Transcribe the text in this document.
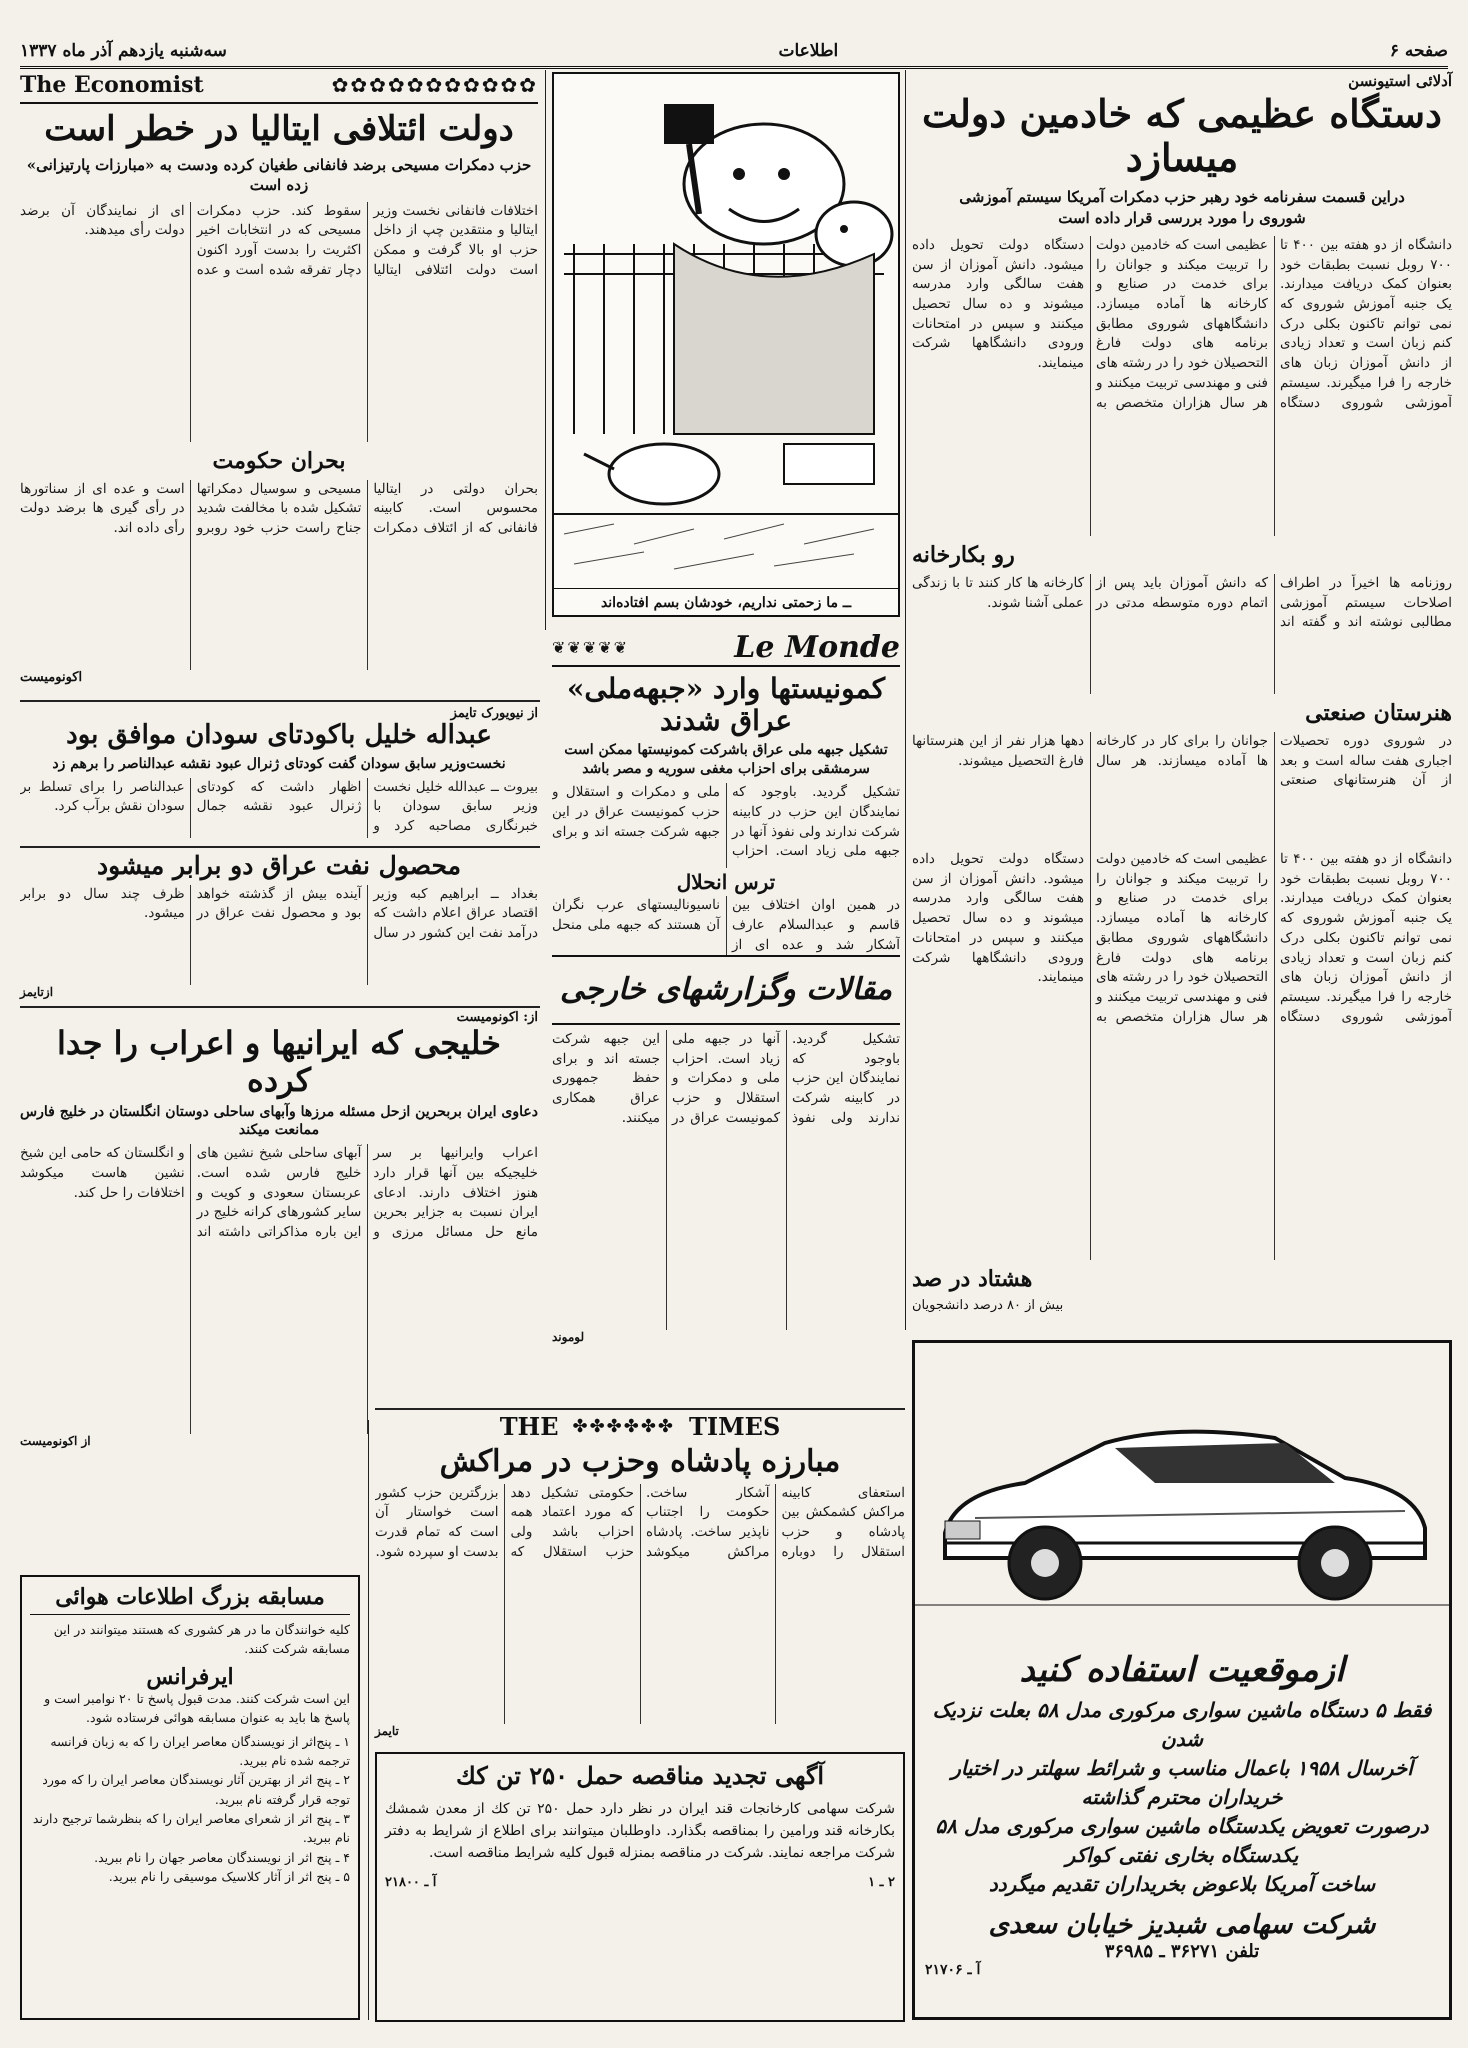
صفحه ۶
اطلاعات
سه‌شنبه یازدهم آذر ماه ۱۳۳۷
آدلائی استیونسن
دستگاه عظیمی که خادمین دولت میسازد
دراین قسمت سفرنامه خود رهبر حزب دمکرات آمریکا سیستم آموزشی شوروی را مورد بررسی قرار داده است
دانشگاه از دو هفته بین ۴۰۰ تا ۷۰۰ روبل نسبت بطبقات خود بعنوان کمک دریافت میدارند. یک جنبه آموزش شوروی که نمی توانم تاکنون بکلی درک کنم زبان است و تعداد زیادی از دانش آموزان زبان های خارجه را فرا میگیرند. سیستم آموزشی شوروی دستگاه عظیمی است که خادمین دولت را تربیت میکند و جوانان را برای خدمت در صنایع و کارخانه ها آماده میسازد. دانشگاههای شوروی مطابق برنامه های دولت فارغ التحصیلان خود را در رشته های فنی و مهندسی تربیت میکنند و هر سال هزاران متخصص به دستگاه دولت تحویل داده میشود. دانش آموزان از سن هفت سالگی وارد مدرسه میشوند و ده سال تحصیل میکنند و سپس در امتحانات ورودی دانشگاهها شرکت مینمایند.
رو بکارخانه
روزنامه ها اخیراً در اطراف اصلاحات سیستم آموزشی مطالبی نوشته اند و گفته اند که دانش آموزان باید پس از اتمام دوره متوسطه مدتی در کارخانه ها کار کنند تا با زندگی عملی آشنا شوند.
هنرستان صنعتی
در شوروی دوره تحصیلات اجباری هفت ساله است و بعد از آن هنرستانهای صنعتی جوانان را برای کار در کارخانه ها آماده میسازند. هر سال دهها هزار نفر از این هنرستانها فارغ التحصیل میشوند.
ــ ما زحمتی نداریم، خودشان بسم افتاده‌اند
✿✿✿✿✿✿✿✿✿✿✿
The Economist
دولت ائتلافی ایتالیا در خطر است
حزب دمکرات مسیحی برضد فانفانی طغیان کرده ودست به «مبارزات پارتیزانی» زده است
اختلافات فانفانی نخست وزیر ایتالیا و منتقدین چپ از داخل حزب او بالا گرفت و ممکن است دولت ائتلافی ایتالیا سقوط کند. حزب دمکرات مسیحی که در انتخابات اخیر اکثریت را بدست آورد اکنون دچار تفرقه شده است و عده ای از نمایندگان آن برضد دولت رأی میدهند.
بحران حکومت
بحران دولتی در ایتالیا محسوس است. کابینه فانفانی که از ائتلاف دمکرات مسیحی و سوسیال دمکراتها تشکیل شده با مخالفت شدید جناح راست حزب خود روبرو است و عده ای از سناتورها در رأی گیری ها برضد دولت رأی داده اند.
اکونومیست
از نیویورک تایمز
عبداله خلیل باکودتای سودان موافق بود
نخست‌وزیر سابق سودان گفت کودتای ژنرال عبود نقشه عبدالناصر را برهم زد
بیروت ــ عبدالله خلیل نخست وزیر سابق سودان با خبرنگاری مصاحبه کرد و اظهار داشت که کودتای ژنرال عبود نقشه جمال عبدالناصر را برای تسلط بر سودان نقش برآب کرد.
محصول نفت عراق دو برابر میشود
بغداد ــ ابراهیم کبه وزیر اقتصاد عراق اعلام داشت که درآمد نفت این کشور در سال آینده بیش از گذشته خواهد بود و محصول نفت عراق در ظرف چند سال دو برابر میشود.
ازتایمز
از: اکونومیست
خلیجی که ایرانیها و اعراب را جدا کرده
دعاوی ایران بربحرین ازحل مسئله مرزها وآبهای ساحلی دوستان انگلستان در خلیج فارس ممانعت میکند
اعراب وایرانیها بر سر خلیجیکه بین آنها قرار دارد هنوز اختلاف دارند. ادعای ایران نسبت به جزایر بحرین مانع حل مسائل مرزی و آبهای ساحلی شیخ نشین های خلیج فارس شده است. عربستان سعودی و کویت و سایر کشورهای کرانه خلیج در این باره مذاکراتی داشته اند و انگلستان که حامی این شیخ نشین هاست میکوشد اختلافات را حل کند.
از اکونومیست
Le Monde
❦❦❦❦❦
کمونیستها وارد «جبهه‌ملی» عراق شدند
تشکیل جبهه ملی عراق باشرکت کمونیستها ممکن است سرمشقی برای احزاب مغفی سوریه و مصر باشد
تشکیل گردید. باوجود که نمایندگان این حزب در کابینه شرکت ندارند ولی نفوذ آنها در جبهه ملی زیاد است. احزاب ملی و دمکرات و استقلال و حزب کمونیست عراق در این جبهه شرکت جسته اند و برای
ترس انحلال
در همین اوان اختلاف بین قاسم و عبدالسلام عارف آشکار شد و عده ای از ناسیونالیستهای عرب نگران آن هستند که جبهه ملی منحل
مقالات وگزارشهای خارجی
تشکیل گردید. باوجود که نمایندگان این حزب در کابینه شرکت ندارند ولی نفوذ آنها در جبهه ملی زیاد است. احزاب ملی و دمکرات و استقلال و حزب کمونیست عراق در این جبهه شرکت جسته اند و برای حفظ جمهوری عراق همکاری میکنند.
لوموند
دانشگاه از دو هفته بین ۴۰۰ تا ۷۰۰ روبل نسبت بطبقات خود بعنوان کمک دریافت میدارند. یک جنبه آموزش شوروی که نمی توانم تاکنون بکلی درک کنم زبان است و تعداد زیادی از دانش آموزان زبان های خارجه را فرا میگیرند. سیستم آموزشی شوروی دستگاه عظیمی است که خادمین دولت را تربیت میکند و جوانان را برای خدمت در صنایع و کارخانه ها آماده میسازد. دانشگاههای شوروی مطابق برنامه های دولت فارغ التحصیلان خود را در رشته های فنی و مهندسی تربیت میکنند و هر سال هزاران متخصص به دستگاه دولت تحویل داده میشود. دانش آموزان از سن هفت سالگی وارد مدرسه میشوند و ده سال تحصیل میکنند و سپس در امتحانات ورودی دانشگاهها شرکت مینمایند.
هشتاد در صد
بیش از ۸۰ درصد دانشجویان
THE ✤✤✤✤✤✤ TIMES
مبارزه پادشاه وحزب در مراکش
استعفای کابینه مراکش کشمکش بین پادشاه و حزب استقلال را دوباره آشکار ساخت. حکومت را اجتناب ناپذیر ساخت. پادشاه مراکش میکوشد حکومتی تشکیل دهد که مورد اعتماد همه احزاب باشد ولی حزب استقلال که بزرگترین حزب کشور است خواستار آن است که تمام قدرت بدست او سپرده شود.
تایمز
آگهی تجدید مناقصه حمل ۲۵۰ تن کك
شرکت سهامی کارخانجات قند ایران در نظر دارد حمل ۲۵۰ تن کك از معدن شمشك بكارخانه قند ورامین را بمناقصه بگذارد. داوطلبان میتوانند برای اطلاع از شرایط به دفتر شرکت مراجعه نمایند. شرکت در مناقصه بمنزله قبول کلیه شرایط مناقصه است.
۲ ـ ۱
آ ـ ۲۱۸۰۰
مسابقه بزرگ اطلاعات هوائی
کلیه خوانندگان ما در هر کشوری که هستند میتوانند در این مسابقه شرکت کنند.
ایرفرانس
این است شرکت کنند. مدت قبول پاسخ تا ۲۰ نوامبر است و پاسخ ها باید به عنوان مسابقه هوائی فرستاده شود.
۱ ـ پنج‌اثر از نویسندگان معاصر ایران را که به زبان فرانسه ترجمه شده نام ببرید.
۲ ـ پنج اثر از بهترین آثار نویسندگان معاصر ایران را که مورد توجه قرار گرفته نام ببرید.
۳ ـ پنج اثر از شعرای معاصر ایران را که بنظرشما ترجیح دارند نام ببرید.
۴ ـ پنج اثر از نویسندگان معاصر جهان را نام ببرید.
۵ ـ پنج اثر از آثار کلاسیک موسیقی را نام ببرید.
ازموقعیت استفاده کنید
فقط ۵ دستگاه ماشین سواری مرکوری مدل ۵۸ بعلت نزدیک شدن
آخرسال ۱۹۵۸ باعمال مناسب و شرائط سهلتر در اختیار خریداران محترم گذاشته
درصورت تعویض یکدستگاه ماشین سواری مرکوری مدل ۵۸ یکدستگاه بخاری نفتی کواکر
ساخت آمریکا بلاعوض بخریداران تقدیم میگردد
شرکت سهامی شبدیز خیابان سعدی
تلفن ۳۶۲۷۱ ـ ۳۶۹۸۵
آ ـ ۲۱۷۰۶
